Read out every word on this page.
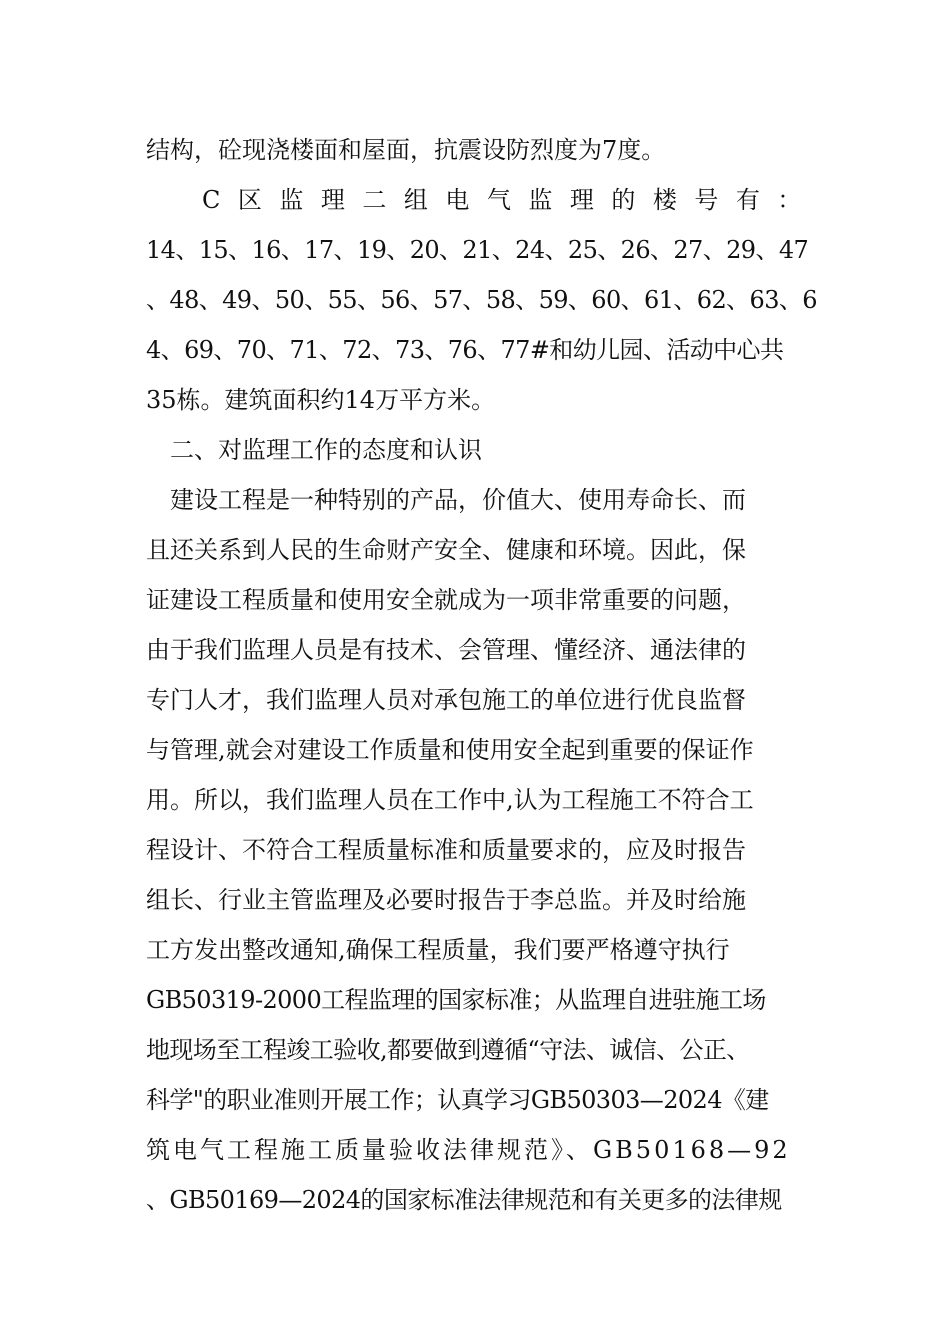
结构，砼现浇楼面和屋面，抗震设防烈度为7度。
C区监理二组电气监理的楼号有：
14、15、16、17、19、20、21、24、25、26、27、29、47
、48、49、50、55、56、57、58、59、60、61、62、63、6
4、69、70、71、72、73、76、77#和幼儿园、活动中心共
35栋。建筑面积约14万平方米。
二、对监理工作的态度和认识
建设工程是一种特别的产品，价值大、使用寿命长、而
且还关系到人民的生命财产安全、健康和环境。因此，保
证建设工程质量和使用安全就成为一项非常重要的问题，
由于我们监理人员是有技术、会管理、懂经济、通法律的
专门人才，我们监理人员对承包施工的单位进行优良监督
与管理,就会对建设工作质量和使用安全起到重要的保证作
用。所以，我们监理人员在工作中,认为工程施工不符合工
程设计、不符合工程质量标准和质量要求的，应及时报告
组长、行业主管监理及必要时报告于李总监。并及时给施
工方发出整改通知,确保工程质量，我们要严格遵守执行
GB50319-2000工程监理的国家标准；从监理自进驻施工场
地现场至工程竣工验收,都要做到遵循“守法、诚信、公正、
科学"的职业准则开展工作；认真学习GB50303—2024《建
筑电气工程施工质量验收法律规范》、GB50168—92
、GB50169—2024的国家标准法律规范和有关更多的法律规
